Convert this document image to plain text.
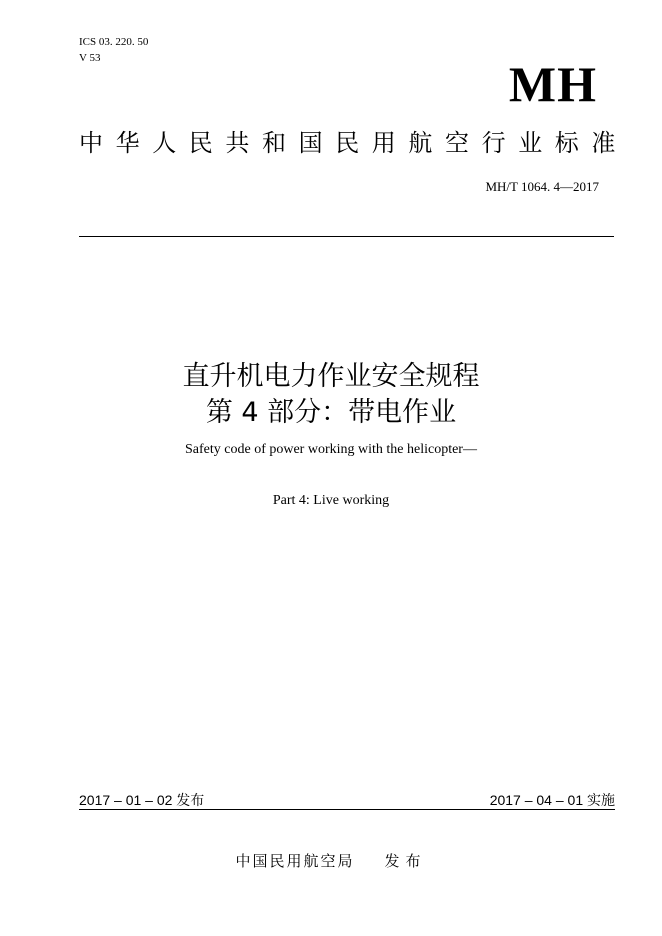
ICS 03. 220. 50
V 53	MH
中华人民共和国民用航空行业标准
MH/T 1064. 4—2017
直升机电力作业安全规程
第 4 部分：带电作业
Safety code of power working with the helicopter—
Part 4: Live working
2017 – 01 – 02 发布	2017 – 04 – 01 实施
中国民用航空局 发布
